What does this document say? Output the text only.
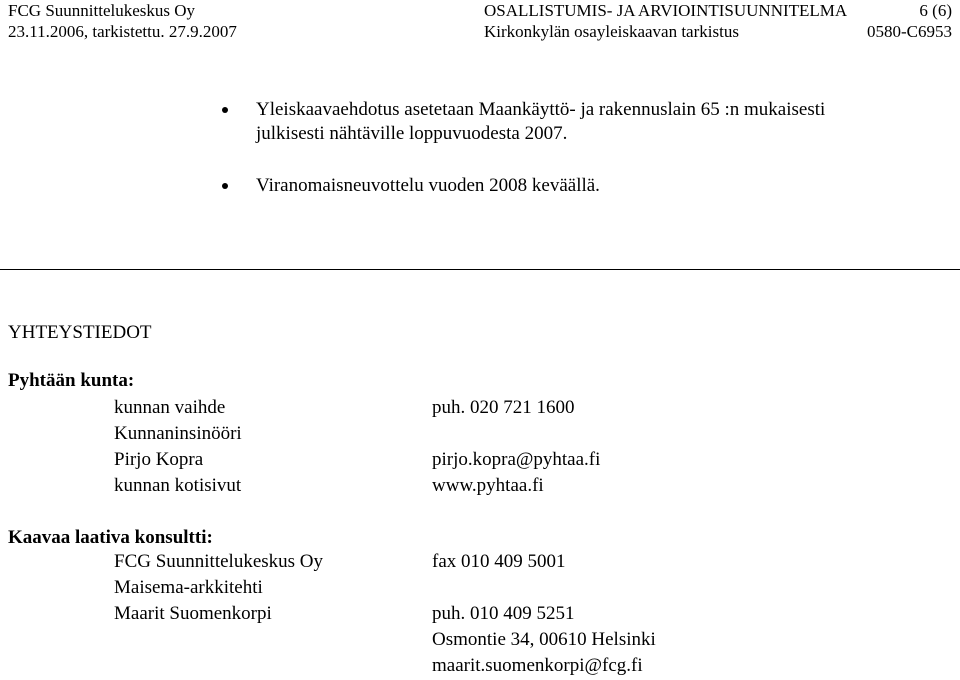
FCG Suunnittelukeskus Oy
23.11.2006, tarkistettu. 27.9.2007
OSALLISTUMIS- JA ARVIOINTISUUNNITELMA	6 (6)
Kirkonkylän osayleiskaavan tarkistus	0580-C6953
Yleiskaavaehdotus asetetaan Maankäyttö- ja rakennuslain 65 :n mukaisesti
julkisesti nähtäville loppuvuodesta 2007.
Viranomaisneuvottelu vuoden 2008 keväällä.
YHTEYSTIEDOT
Pyhtään kunta:
kunnan vaihde	puh. 020 721 1600
Kunnaninsinööri
Pirjo Kopra	pirjo.kopra@pyhtaa.fi
kunnan kotisivut	www.pyhtaa.fi
Kaavaa laativa konsultti:
FCG Suunnittelukeskus Oy	fax 010 409 5001
Maisema-arkkitehti
Maarit Suomenkorpi	puh. 010 409 5251
Osmontie 34, 00610 Helsinki
maarit.suomenkorpi@fcg.fi
